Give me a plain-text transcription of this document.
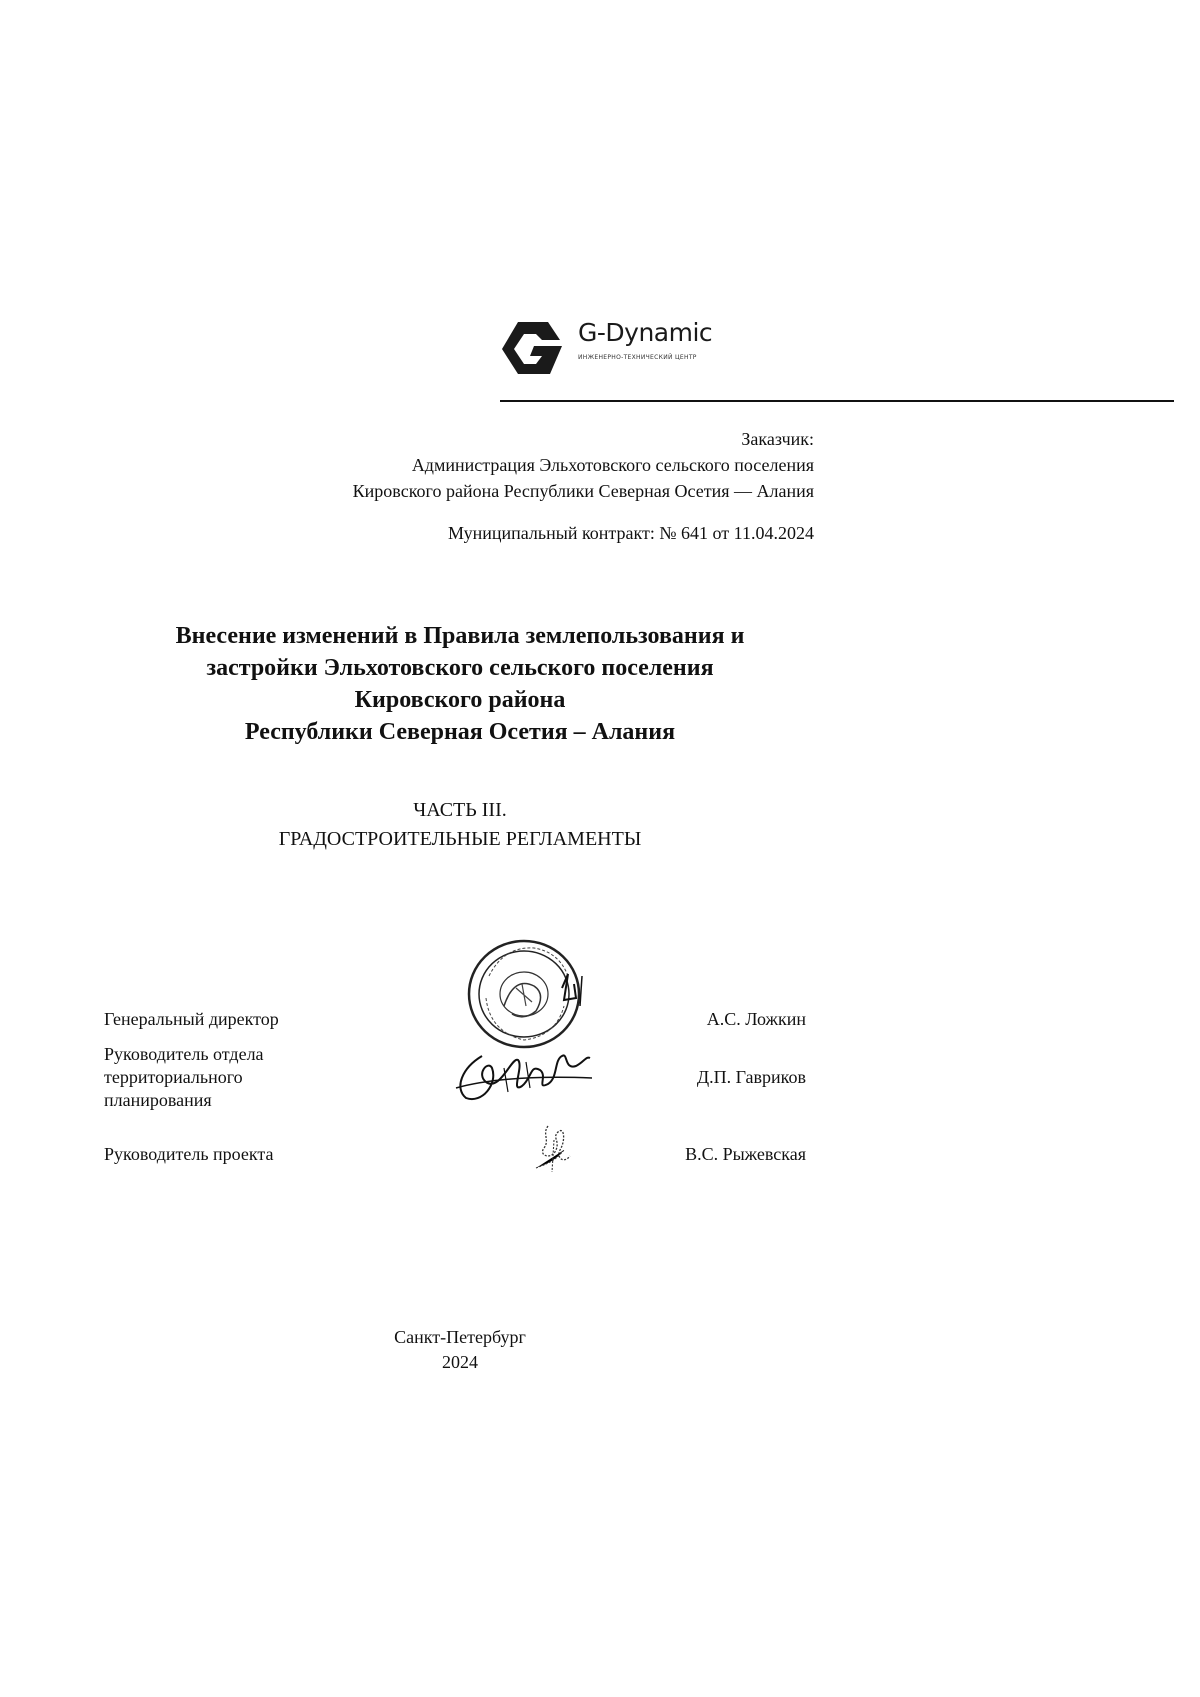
G-Dynamic
ИНЖЕНЕРНО-ТЕХНИЧЕСКИЙ ЦЕНТР
Заказчик:
Администрация Эльхотовского сельского поселения
Кировского района Республики Северная Осетия — Алания
Муниципальный контракт: № 641 от 11.04.2024
Внесение изменений в Правила землепользования и
застройки Эльхотовского сельского поселения
Кировского района
Республики Северная Осетия – Алания
ЧАСТЬ III.
ГРАДОСТРОИТЕЛЬНЫЕ РЕГЛАМЕНТЫ
Генеральный директор	А.С. Ложкин
Руководитель отдела
территориального
планирования
Д.П. Гавриков
Руководитель проекта	В.С. Рыжевская
Санкт-Петербург
2024
